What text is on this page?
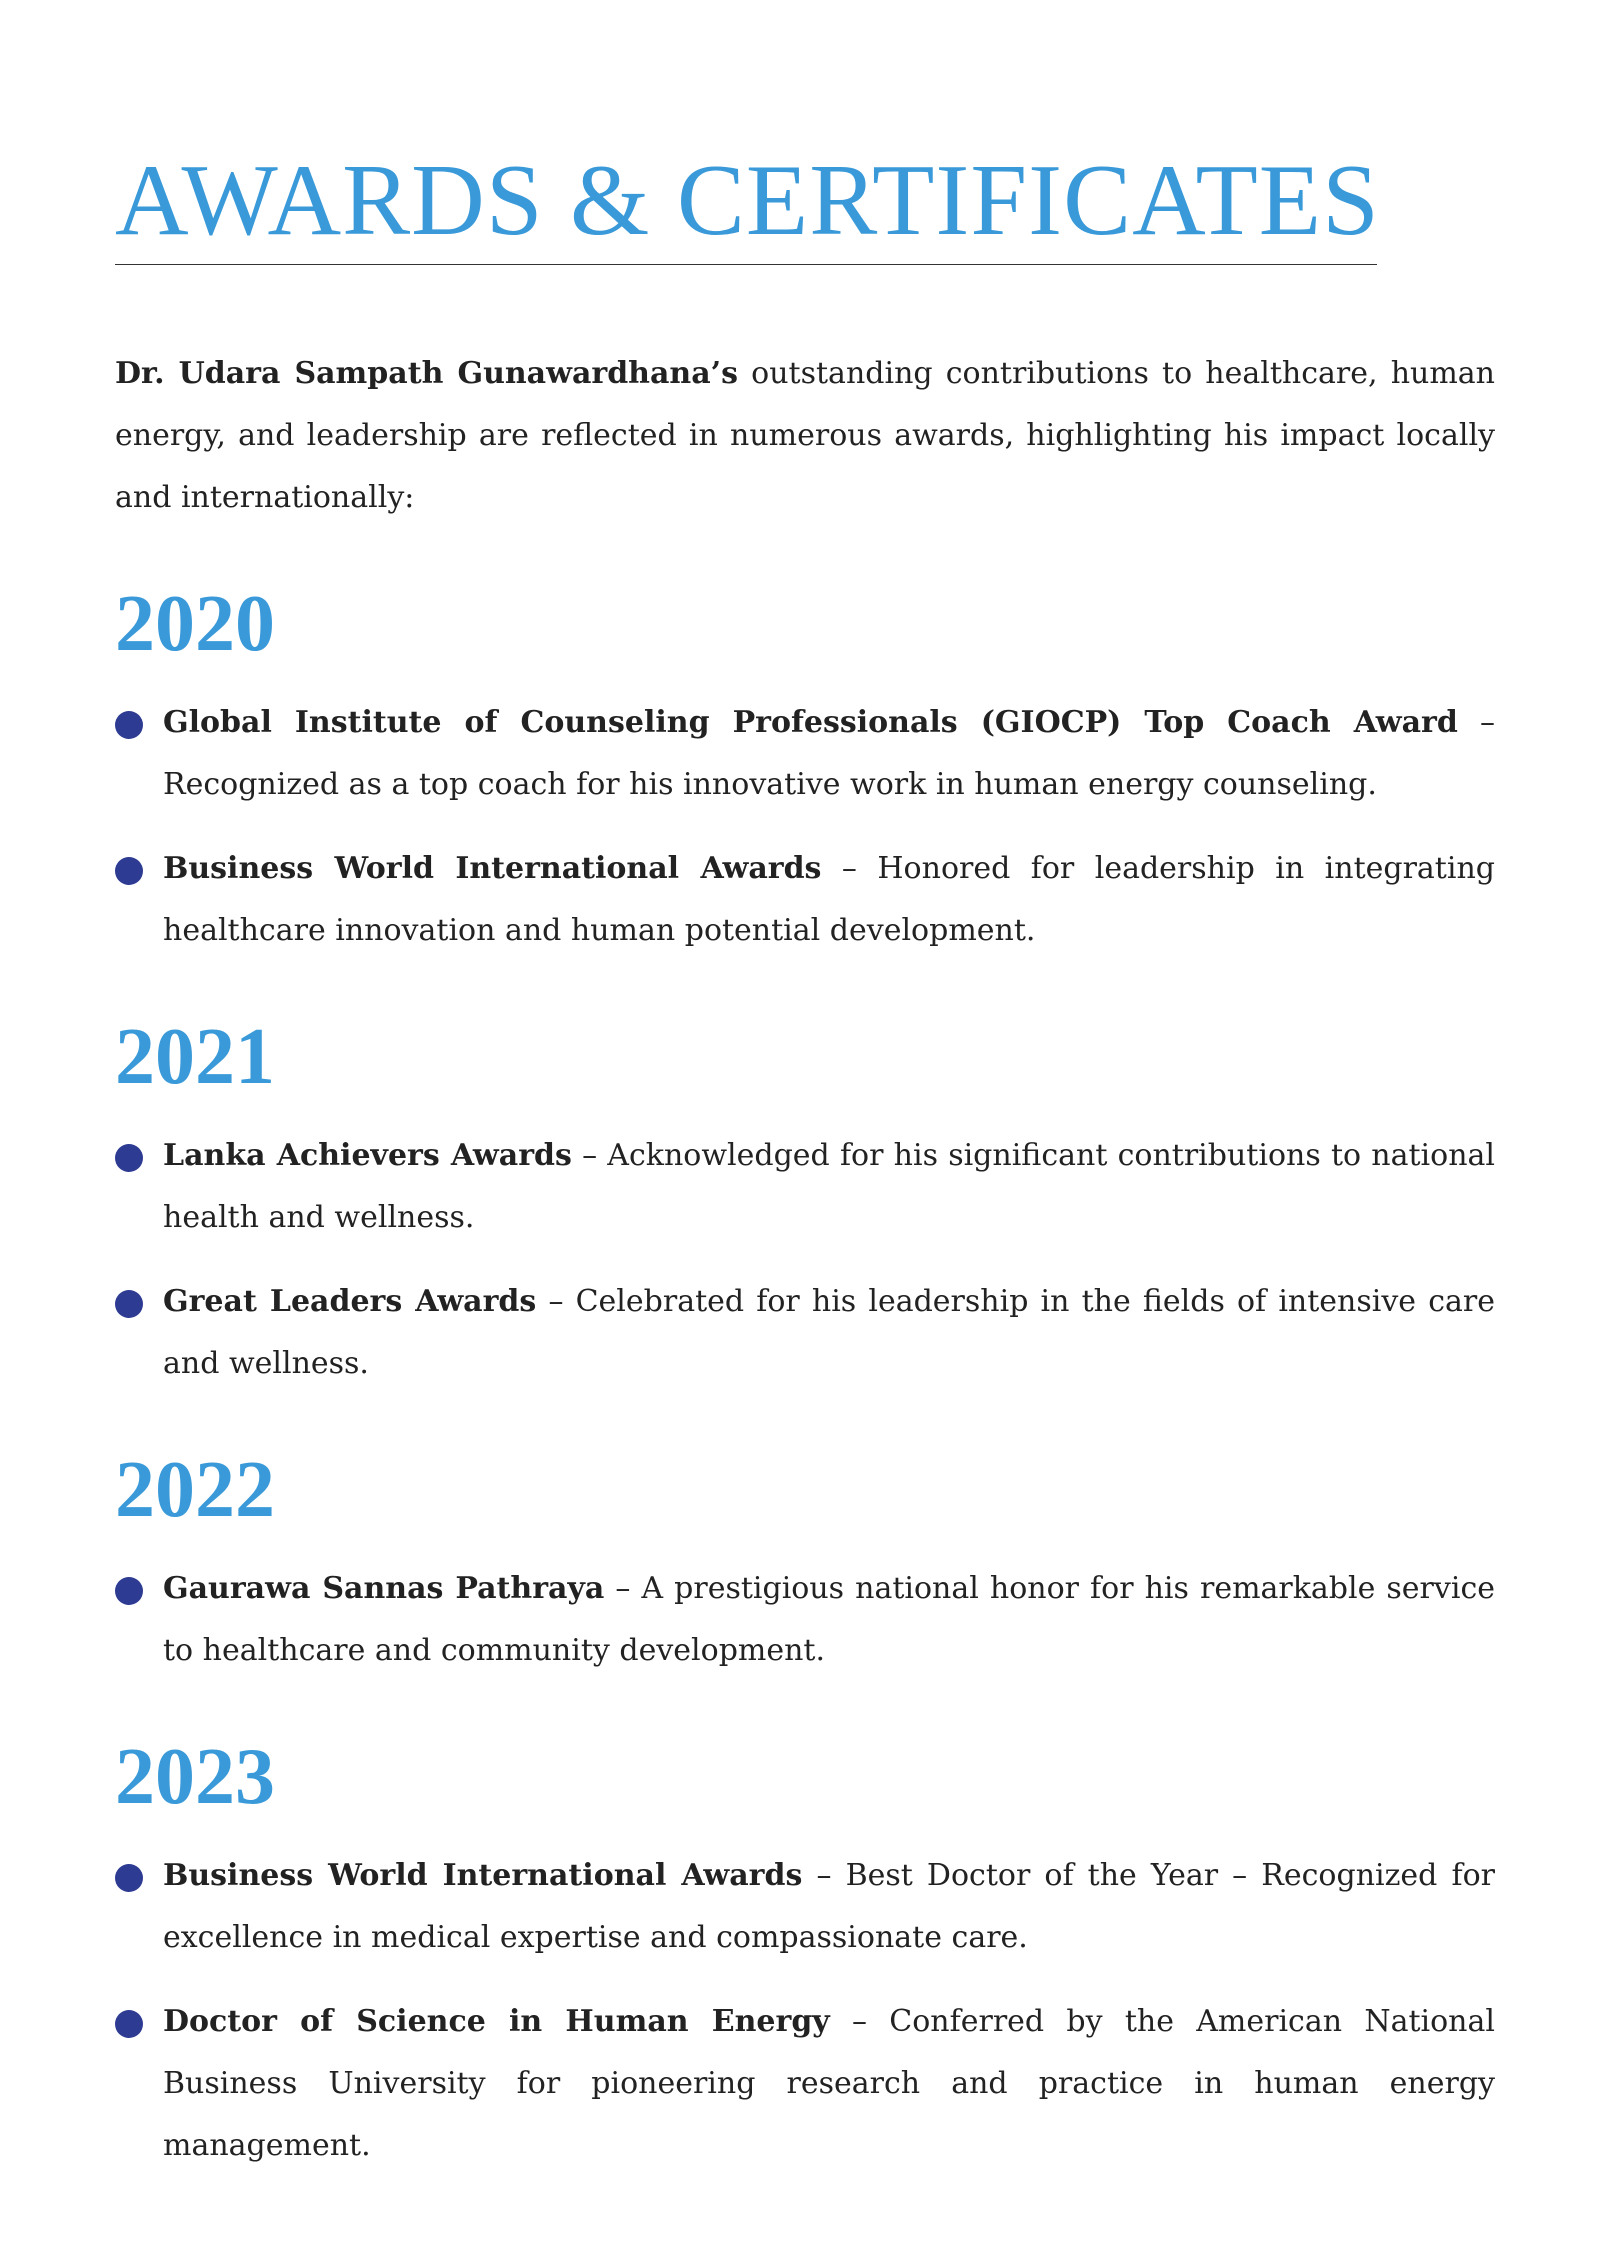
AWARDS & CERTIFICATES

Dr. Udara Sampath Gunawardhana’s outstanding contributions to healthcare, human energy, and leadership are reflected in numerous awards, highlighting his impact locally and internationally:

2020
Global Institute of Counseling Professionals (GIOCP) Top Coach Award – Recognized as a top coach for his innovative work in human energy counseling.
Business World International Awards – Honored for leadership in integrating healthcare innovation and human potential development.
2021
Lanka Achievers Awards – Acknowledged for his significant contributions to national health and wellness.
Great Leaders Awards – Celebrated for his leadership in the fields of intensive care and wellness.
2022
Gaurawa Sannas Pathraya – A prestigious national honor for his remarkable service to healthcare and community development.
2023
Business World International Awards – Best Doctor of the Year – Recognized for excellence in medical expertise and compassionate care.
Doctor of Science in Human Energy – Conferred by the American National Business University for pioneering research and practice in human energy management.
